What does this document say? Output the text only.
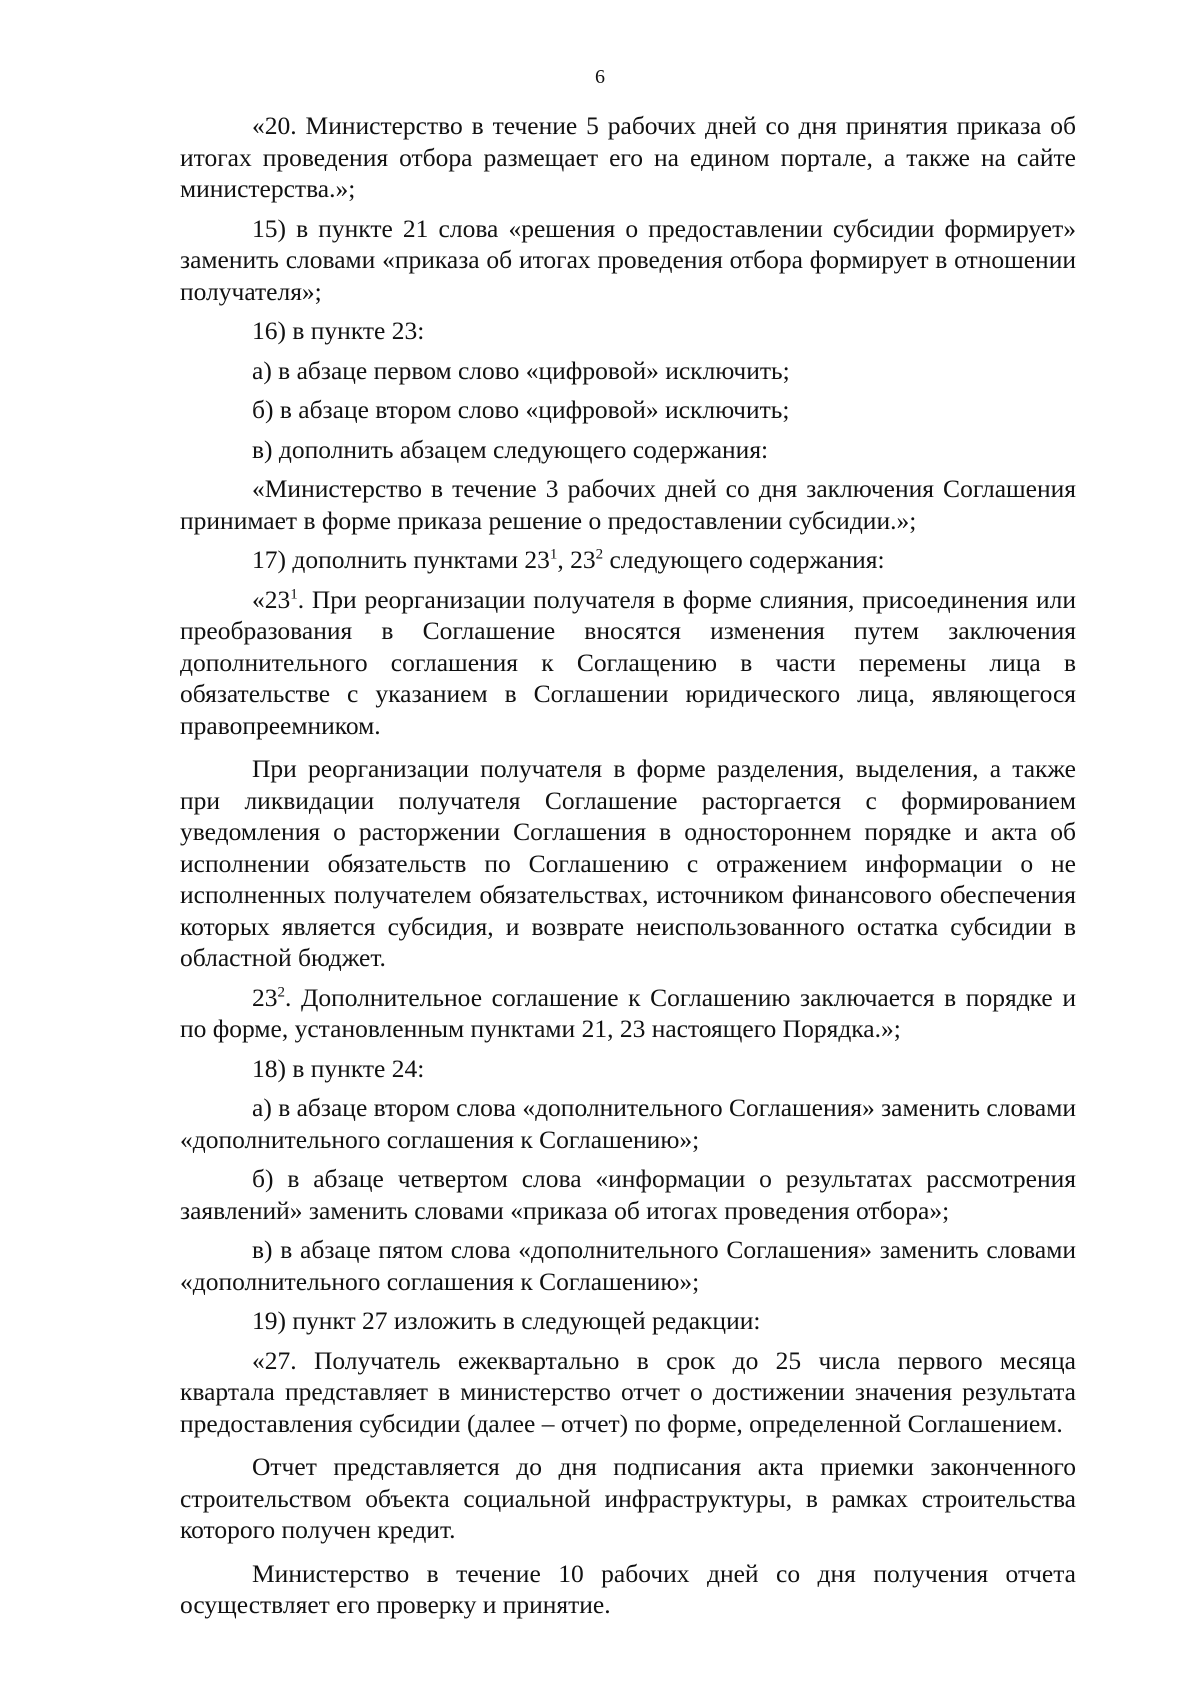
6

«20. Министерство в течение 5 рабочих дней со дня принятия приказа об итогах проведения отбора размещает его на едином портале, а также на сайте министерства.»;

15) в пункте 21 слова «решения о предоставлении субсидии формирует» заменить словами «приказа об итогах проведения отбора формирует в отношении получателя»;

16) в пункте 23:

а) в абзаце первом слово «цифровой» исключить;

б) в абзаце втором слово «цифровой» исключить;

в) дополнить абзацем следующего содержания:

«Министерство в течение 3 рабочих дней со дня заключения Соглашения принимает в форме приказа решение о предоставлении субсидии.»;

17) дополнить пунктами $23^1$, $23^2$ следующего содержания:

«$23^1$. При реорганизации получателя в форме слияния, присоединения или преобразования в Соглашение вносятся изменения путем заключения дополнительного соглашения к Соглащению в части перемены лица в обязательстве с указанием в Соглашении юридического лица, являющегося правопреемником.

При реорганизации получателя в форме разделения, выделения, а также при ликвидации получателя Соглашение расторгается с формированием уведомления о расторжении Соглашения в одностороннем порядке и акта об исполнении обязательств по Соглашению с отражением информации о не исполненных получателем обязательствах, источником финансового обеспечения которых является субсидия, и возврате неиспользованного остатка субсидии в областной бюджет.

$23^2$. Дополнительное соглашение к Соглашению заключается в порядке и по форме, установленным пунктами 21, 23 настоящего Порядка.»;

18) в пункте 24:

а) в абзаце втором слова «дополнительного Соглашения» заменить словами «дополнительного соглашения к Соглашению»;

б) в абзаце четвертом слова «информации о результатах рассмотрения заявлений» заменить словами «приказа об итогах проведения отбора»;

в) в абзаце пятом слова «дополнительного Соглашения» заменить словами «дополнительного соглашения к Соглашению»;

19) пункт 27 изложить в следующей редакции:

«27. Получатель ежеквартально в срок до 25 числа первого месяца квартала представляет в министерство отчет о достижении значения результата предоставления субсидии (далее – отчет) по форме, определенной Соглашением.

Отчет представляется до дня подписания акта приемки законченного строительством объекта социальной инфраструктуры, в рамках строительства которого получен кредит.

Министерство в течение 10 рабочих дней со дня получения отчета осуществляет его проверку и принятие.
